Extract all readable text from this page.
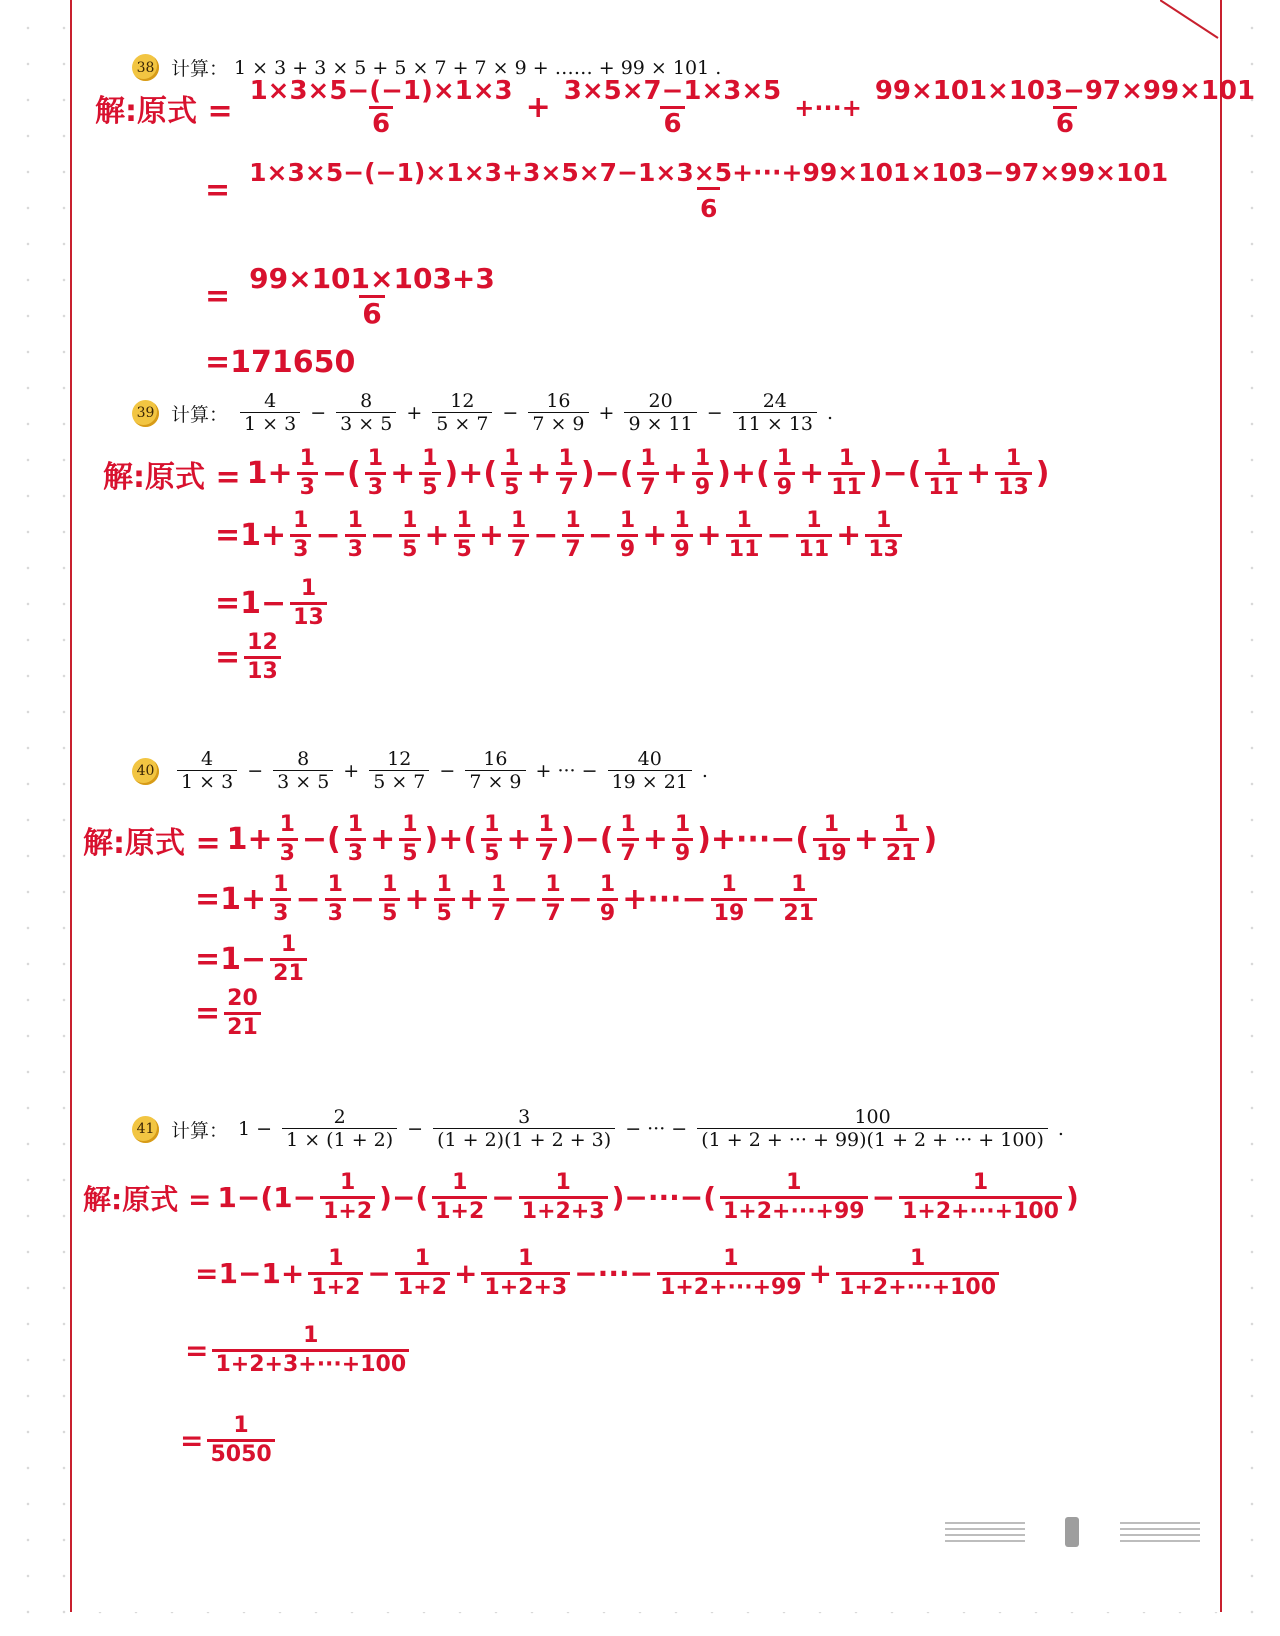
38 计算： 1 × 3 + 3 × 5 + 5 × 7 + 7 × 9 + …… + 99 × 101 .
解:原式 = $\frac{1\times 3\times 5-(-1)\times 1\times 3}{6} + \frac{3\times 5\times 7-1\times 3\times 5}{6}$ +···+ $\frac{99\times 101\times 103-97\times 99\times 101}{6}$
= $\frac{1\times 3\times 5-(-1)\times 1\times 3+3\times 5\times 7-1\times 3\times 5+\cdot\cdot\cdot+99\times 101\times 103-97\times 99\times 101}{6}$
= $\frac{99\times 101\times 103+3}{6}$
=171650
39 计算：
4
$1 \times 3 - \frac{8}{3 \times 5} + \frac{12}{5 \times 7} - \frac{16}{7 \times 9} + \frac{20}{9 \times 11} - \frac{24}{11 \times 13}$ .
解:原式 = $1+ \frac{1}{3}$ −( $\frac{1}{3} + \frac{1}{5}$ )+( $\frac{1}{5} + \frac{1}{7}$ )−( $\frac{1}{7} + \frac{1}{9}$ )+( $\frac{1}{9} + \frac{1}{11}$ )−( $\frac{1}{11} + \frac{1}{13}$ )
$=1+ \frac{1}{3} - \frac{1}{3} - \frac{1}{5} + \frac{1}{5} + \frac{1}{7} - \frac{1}{7} - \frac{1}{9} + \frac{1}{9} + \frac{1}{11} - \frac{1}{11} + \frac{1}{13}$
$=1- \frac{1}{13}$
= $\frac{12}{13}$
40
4
$1 \times 3 - \frac{8}{3 \times 5} + \frac{12}{5 \times 7} - \frac{16}{7 \times 9}$ + ··· − $\frac{40}{19 \times 21}$ .
解:原式 = $1+ \frac{1}{3}$ −( $\frac{1}{3} + \frac{1}{5}$ )+( $\frac{1}{5} + \frac{1}{7}$ )−( $\frac{1}{7} + \frac{1}{9}$ )+···−( $\frac{1}{19} + \frac{1}{21}$ )
$=1+ \frac{1}{3} - \frac{1}{3} - \frac{1}{5} + \frac{1}{5} + \frac{1}{7} - \frac{1}{7} - \frac{1}{9}$ +···− $\frac{1}{19} - \frac{1}{21}$
$=1- \frac{1}{21}$
= $\frac{20}{21}$
41 计算： $1 - \frac{2}{1 \times (1 + 2)} - \frac{3}{(1 + 2)(1 + 2 + 3)}$ − ··· − $\frac{100}{(1 + 2 + \cdot\cdot\cdot + 99)(1 + 2 + \cdot\cdot\cdot + 100)}$ .
解:原式 = $1-(1- \frac{1}{1+2}$ )−( $\frac{1}{1+2} - \frac{1}{1+2+3}$ )−···−( $\frac{1}{1+2+\cdot\cdot\cdot+99} - \frac{1}{1+2+\cdot\cdot\cdot+100}$ )
$=1-1+ \frac{1}{1+2} - \frac{1}{1+2} + \frac{1}{1+2+3}$ −···− $\frac{1}{1+2+\cdot\cdot\cdot+99} + \frac{1}{1+2+\cdot\cdot\cdot+100}$
= $\frac{1}{1+2+3+\cdot\cdot\cdot+100}$
= $\frac{1}{5050}$
